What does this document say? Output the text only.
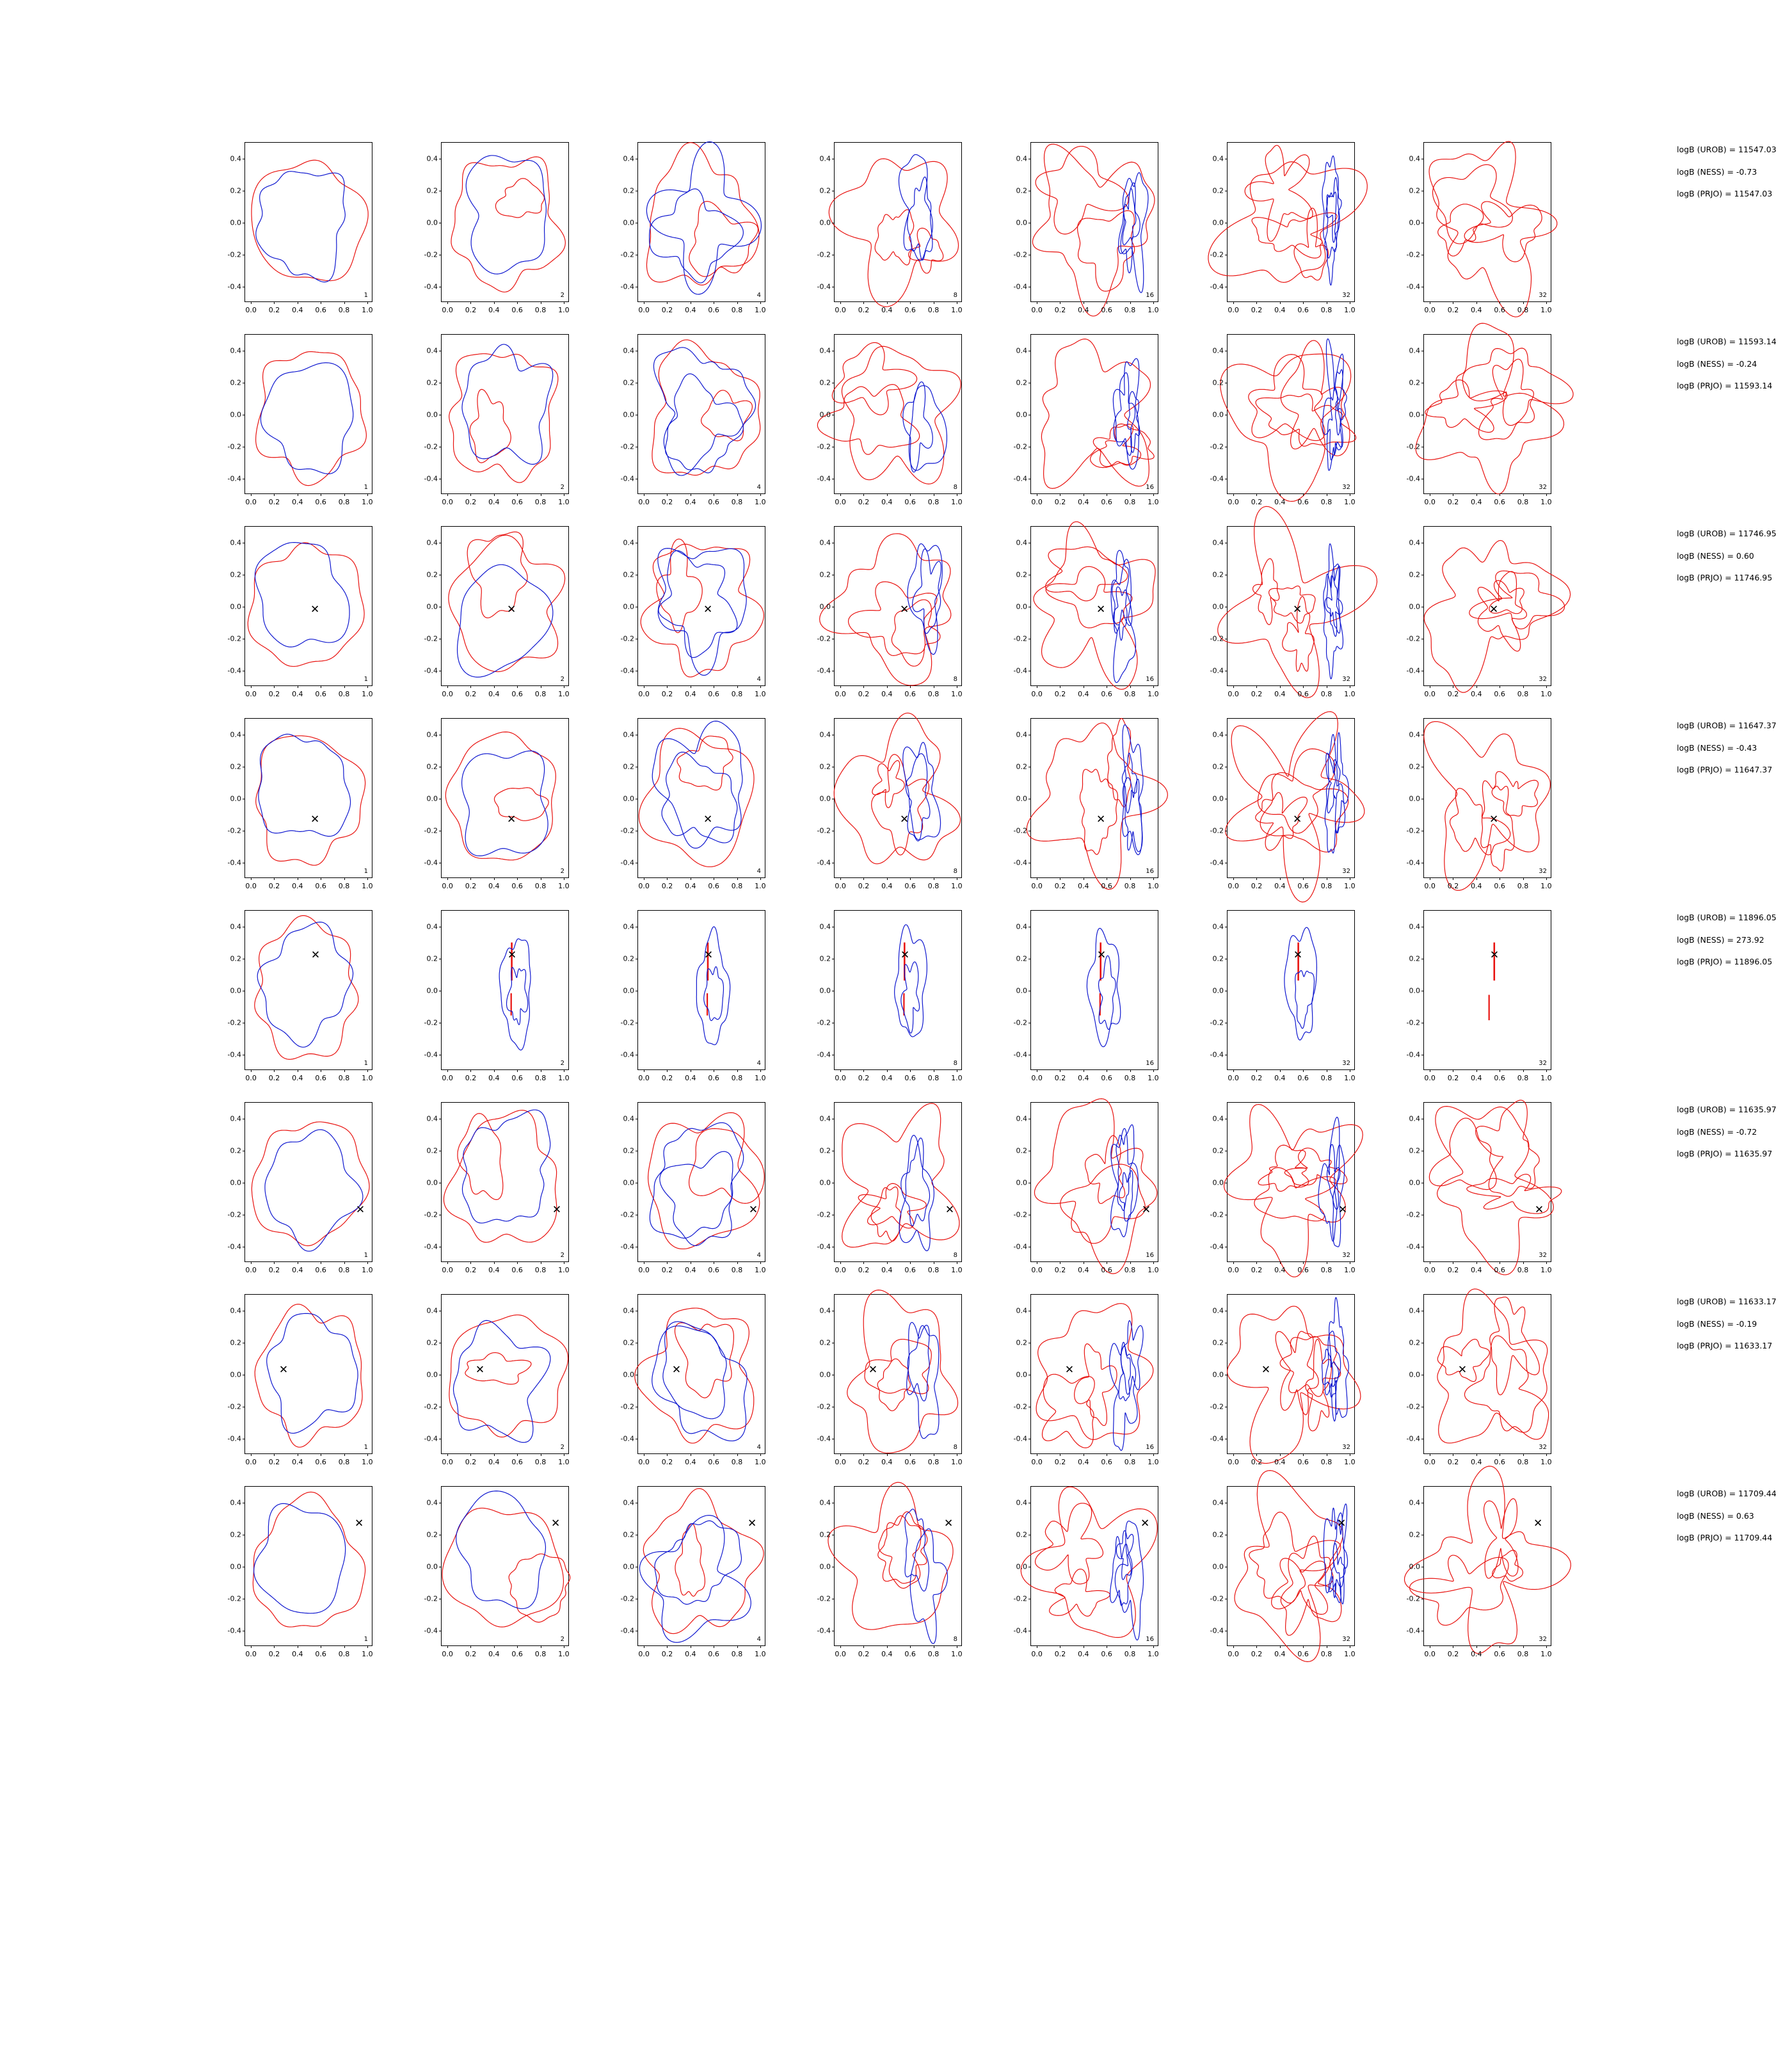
1
-0.4
-0.2
0.0
0.2
0.4
0.0 0.2 0.4 0.6 0.8 1.0
2
-0.4
-0.2
0.0
0.2
0.4
0.0 0.2 0.4 0.6 0.8 1.0
4
-0.4
-0.2
0.0
0.2
0.4
0.0 0.2 0.4 0.6 0.8 1.0
8
-0.4
-0.2
0.0
0.2
0.4
0.0 0.2 0.4 0.6 0.8 1.0
16
-0.4
-0.2
0.0
0.2
0.4
0.0 0.2 0.4 0.6 0.8 1.0
32
-0.4
-0.2
0.0
0.2
0.4
0.0 0.2 0.4 0.6 0.8 1.0
32
-0.4
-0.2
0.0
0.2
0.4
0.0 0.2 0.4 0.6 0.8 1.0
1
-0.4
-0.2
0.0
0.2
0.4
0.0 0.2 0.4 0.6 0.8 1.0
2
-0.4
-0.2
0.0
0.2
0.4
0.0 0.2 0.4 0.6 0.8 1.0
4
-0.4
-0.2
0.0
0.2
0.4
0.0 0.2 0.4 0.6 0.8 1.0
8
-0.4
-0.2
0.0
0.2
0.4
0.0 0.2 0.4 0.6 0.8 1.0
16
-0.4
-0.2
0.0
0.2
0.4
0.0 0.2 0.4 0.6 0.8 1.0
32
-0.4
-0.2
0.0
0.2
0.4
0.0 0.2 0.4 0.6 0.8 1.0
32
-0.4
-0.2
0.0
0.2
0.4
0.0 0.2 0.4 0.6 0.8 1.0
✕
1
-0.4
-0.2
0.0
0.2
0.4
0.0 0.2 0.4 0.6 0.8 1.0
✕
2
-0.4
-0.2
0.0
0.2
0.4
0.0 0.2 0.4 0.6 0.8 1.0
✕
4
-0.4
-0.2
0.0
0.2
0.4
0.0 0.2 0.4 0.6 0.8 1.0
✕
8
-0.4
-0.2
0.0
0.2
0.4
0.0 0.2 0.4 0.6 0.8 1.0
✕
16
-0.4
-0.2
0.0
0.2
0.4
0.0 0.2 0.4 0.6 0.8 1.0
✕
32
-0.4
-0.2
0.0
0.2
0.4
0.0 0.2 0.4 0.6 0.8 1.0
✕
32
-0.4
-0.2
0.0
0.2
0.4
0.0 0.2 0.4 0.6 0.8 1.0
✕
1
-0.4
-0.2
0.0
0.2
0.4
0.0 0.2 0.4 0.6 0.8 1.0
✕
2
-0.4
-0.2
0.0
0.2
0.4
0.0 0.2 0.4 0.6 0.8 1.0
✕
4
-0.4
-0.2
0.0
0.2
0.4
0.0 0.2 0.4 0.6 0.8 1.0
✕
8
-0.4
-0.2
0.0
0.2
0.4
0.0 0.2 0.4 0.6 0.8 1.0
✕
16
-0.4
-0.2
0.0
0.2
0.4
0.0 0.2 0.4 0.6 0.8 1.0
✕
32
-0.4
-0.2
0.0
0.2
0.4
0.0 0.2 0.4 0.6 0.8 1.0
✕
32
-0.4
-0.2
0.0
0.2
0.4
0.0 0.2 0.4 0.6 0.8 1.0
✕
1
-0.4
-0.2
0.0
0.2
0.4
0.0 0.2 0.4 0.6 0.8 1.0
✕
2
-0.4
-0.2
0.0
0.2
0.4
0.0 0.2 0.4 0.6 0.8 1.0
✕
4
-0.4
-0.2
0.0
0.2
0.4
0.0 0.2 0.4 0.6 0.8 1.0
✕
8
-0.4
-0.2
0.0
0.2
0.4
0.0 0.2 0.4 0.6 0.8 1.0
✕
16
-0.4
-0.2
0.0
0.2
0.4
0.0 0.2 0.4 0.6 0.8 1.0
✕
32
-0.4
-0.2
0.0
0.2
0.4
0.0 0.2 0.4 0.6 0.8 1.0
✕
32
-0.4
-0.2
0.0
0.2
0.4
0.0 0.2 0.4 0.6 0.8 1.0
✕
1
-0.4
-0.2
0.0
0.2
0.4
0.0 0.2 0.4 0.6 0.8 1.0
✕
2
-0.4
-0.2
0.0
0.2
0.4
0.0 0.2 0.4 0.6 0.8 1.0
✕
4
-0.4
-0.2
0.0
0.2
0.4
0.0 0.2 0.4 0.6 0.8 1.0
✕
8
-0.4
-0.2
0.0
0.2
0.4
0.0 0.2 0.4 0.6 0.8 1.0
✕
16
-0.4
-0.2
0.0
0.2
0.4
0.0 0.2 0.4 0.6 0.8 1.0
✕
32
-0.4
-0.2
0.0
0.2
0.4
0.0 0.2 0.4 0.6 0.8 1.0
✕
32
-0.4
-0.2
0.0
0.2
0.4
0.0 0.2 0.4 0.6 0.8 1.0
✕
1
-0.4
-0.2
0.0
0.2
0.4
0.0 0.2 0.4 0.6 0.8 1.0
✕
2
-0.4
-0.2
0.0
0.2
0.4
0.0 0.2 0.4 0.6 0.8 1.0
✕
4
-0.4
-0.2
0.0
0.2
0.4
0.0 0.2 0.4 0.6 0.8 1.0
✕
8
-0.4
-0.2
0.0
0.2
0.4
0.0 0.2 0.4 0.6 0.8 1.0
✕
16
-0.4
-0.2
0.0
0.2
0.4
0.0 0.2 0.4 0.6 0.8 1.0
✕
32
-0.4
-0.2
0.0
0.2
0.4
0.0 0.2 0.4 0.6 0.8 1.0
✕
32
-0.4
-0.2
0.0
0.2
0.4
0.0 0.2 0.4 0.6 0.8 1.0
✕
1
-0.4
-0.2
0.0
0.2
0.4
0.0 0.2 0.4 0.6 0.8 1.0
✕
2
-0.4
-0.2
0.0
0.2
0.4
0.0 0.2 0.4 0.6 0.8 1.0
✕
4
-0.4
-0.2
0.0
0.2
0.4
0.0 0.2 0.4 0.6 0.8 1.0
✕
8
-0.4
-0.2
0.0
0.2
0.4
0.0 0.2 0.4 0.6 0.8 1.0
✕
16
-0.4
-0.2
0.0
0.2
0.4
0.0 0.2 0.4 0.6 0.8 1.0
✕
32
-0.4
-0.2
0.0
0.2
0.4
0.0 0.2 0.4 0.6 0.8 1.0
✕
32
-0.4
-0.2
0.0
0.2
0.4
0.0 0.2 0.4 0.6 0.8 1.0
logB (UROB) = 11547.03
logB (NESS) = -0.73
logB (PRJO) = 11547.03
logB (UROB) = 11593.14
logB (NESS) = -0.24
logB (PRJO) = 11593.14
logB (UROB) = 11746.95
logB (NESS) = 0.60
logB (PRJO) = 11746.95
logB (UROB) = 11647.37
logB (NESS) = -0.43
logB (PRJO) = 11647.37
logB (UROB) = 11896.05
logB (NESS) = 273.92
logB (PRJO) = 11896.05
logB (UROB) = 11635.97
logB (NESS) = -0.72
logB (PRJO) = 11635.97
logB (UROB) = 11633.17
logB (NESS) = -0.19
logB (PRJO) = 11633.17
logB (UROB) = 11709.44
logB (NESS) = 0.63
logB (PRJO) = 11709.44
